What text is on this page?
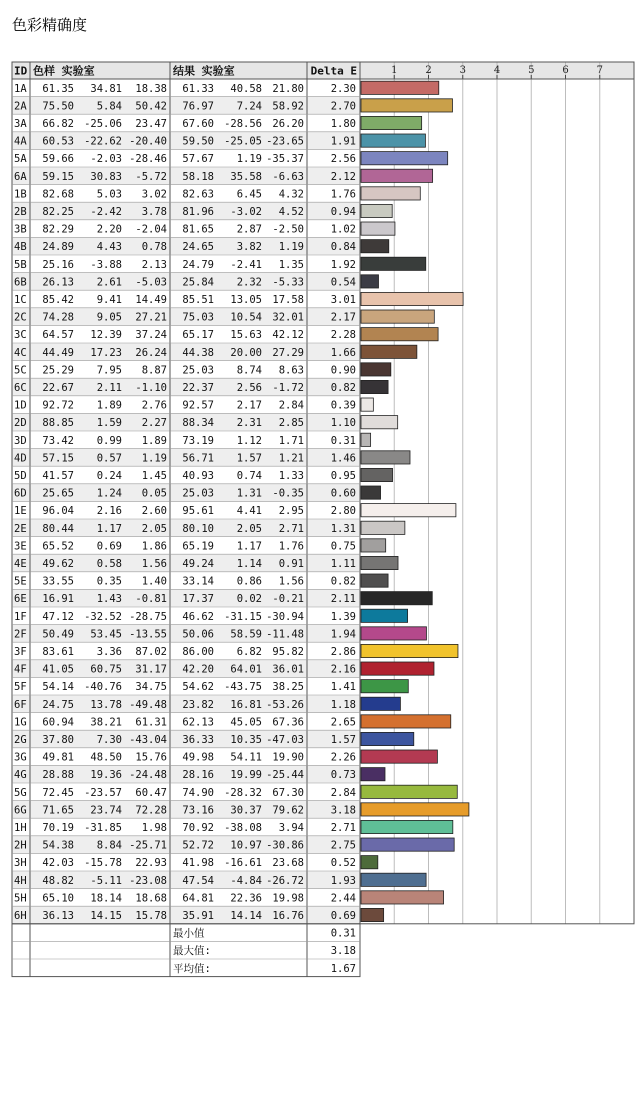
色彩精确度
1	2	3	4	5	6	7
ID 色样 实验室	结果 实验室	Delta E
1A 61.35 34.81 18.38 61.33 40.58 21.80	2.30
2A 75.50 5.84 50.42 76.97 7.24 58.92	2.70
3A 66.82 -25.06 23.47 67.60 -28.56 26.20	1.80
4A 60.53 -22.62 -20.40 59.50 -25.05 -23.65	1.91
5A 59.66 -2.03 -28.46 57.67 1.19 -35.37	2.56
6A 59.15 30.83 -5.72 58.18 35.58 -6.63	2.12
1B 82.68 5.03 3.02 82.63 6.45 4.32	1.76
2B 82.25 -2.42 3.78 81.96 -3.02 4.52	0.94
3B 82.29 2.20 -2.04 81.65 2.87 -2.50	1.02
4B 24.89 4.43 0.78 24.65 3.82 1.19	0.84
5B 25.16 -3.88 2.13 24.79 -2.41 1.35	1.92
6B 26.13 2.61 -5.03 25.84 2.32 -5.33	0.54
1C 85.42 9.41 14.49 85.51 13.05 17.58	3.01
2C 74.28 9.05 27.21 75.03 10.54 32.01	2.17
3C 64.57 12.39 37.24 65.17 15.63 42.12	2.28
4C 44.49 17.23 26.24 44.38 20.00 27.29	1.66
5C 25.29 7.95 8.87 25.03 8.74 8.63	0.90
6C 22.67 2.11 -1.10 22.37 2.56 -1.72	0.82
1D 92.72 1.89 2.76 92.57 2.17 2.84	0.39
2D 88.85 1.59 2.27 88.34 2.31 2.85	1.10
3D 73.42 0.99 1.89 73.19 1.12 1.71	0.31
4D 57.15 0.57 1.19 56.71 1.57 1.21	1.46
5D 41.57 0.24 1.45 40.93 0.74 1.33	0.95
6D 25.65 1.24 0.05 25.03 1.31 -0.35	0.60
1E 96.04 2.16 2.60 95.61 4.41 2.95	2.80
2E 80.44 1.17 2.05 80.10 2.05 2.71	1.31
3E 65.52 0.69 1.86 65.19 1.17 1.76	0.75
4E 49.62 0.58 1.56 49.24 1.14 0.91	1.11
5E 33.55 0.35 1.40 33.14 0.86 1.56	0.82
6E 16.91 1.43 -0.81 17.37 0.02 -0.21	2.11
1F 47.12 -32.52 -28.75 46.62 -31.15 -30.94	1.39
2F 50.49 53.45 -13.55 50.06 58.59 -11.48	1.94
3F 83.61 3.36 87.02 86.00 6.82 95.82	2.86
4F 41.05 60.75 31.17 42.20 64.01 36.01	2.16
5F 54.14 -40.76 34.75 54.62 -43.75 38.25	1.41
6F 24.75 13.78 -49.48 23.82 16.81 -53.26	1.18
1G 60.94 38.21 61.31 62.13 45.05 67.36	2.65
2G 37.80 7.30 -43.04 36.33 10.35 -47.03	1.57
3G 49.81 48.50 15.76 49.98 54.11 19.90	2.26
4G 28.88 19.36 -24.48 28.16 19.99 -25.44	0.73
5G 72.45 -23.57 60.47 74.90 -28.32 67.30	2.84
6G 71.65 23.74 72.28 73.16 30.37 79.62	3.18
1H 70.19 -31.85 1.98 70.92 -38.08 3.94	2.71
2H 54.38 8.84 -25.71 52.72 10.97 -30.86	2.75
3H 42.03 -15.78 22.93 41.98 -16.61 23.68	0.52
4H 48.82 -5.11 -23.08 47.54 -4.84 -26.72	1.93
5H 65.10 18.14 18.68 64.81 22.36 19.98	2.44
6H 36.13 14.15 15.78 35.91 14.14 16.76	0.69
最小值	0.31
最大值:	3.18
平均值:	1.67
